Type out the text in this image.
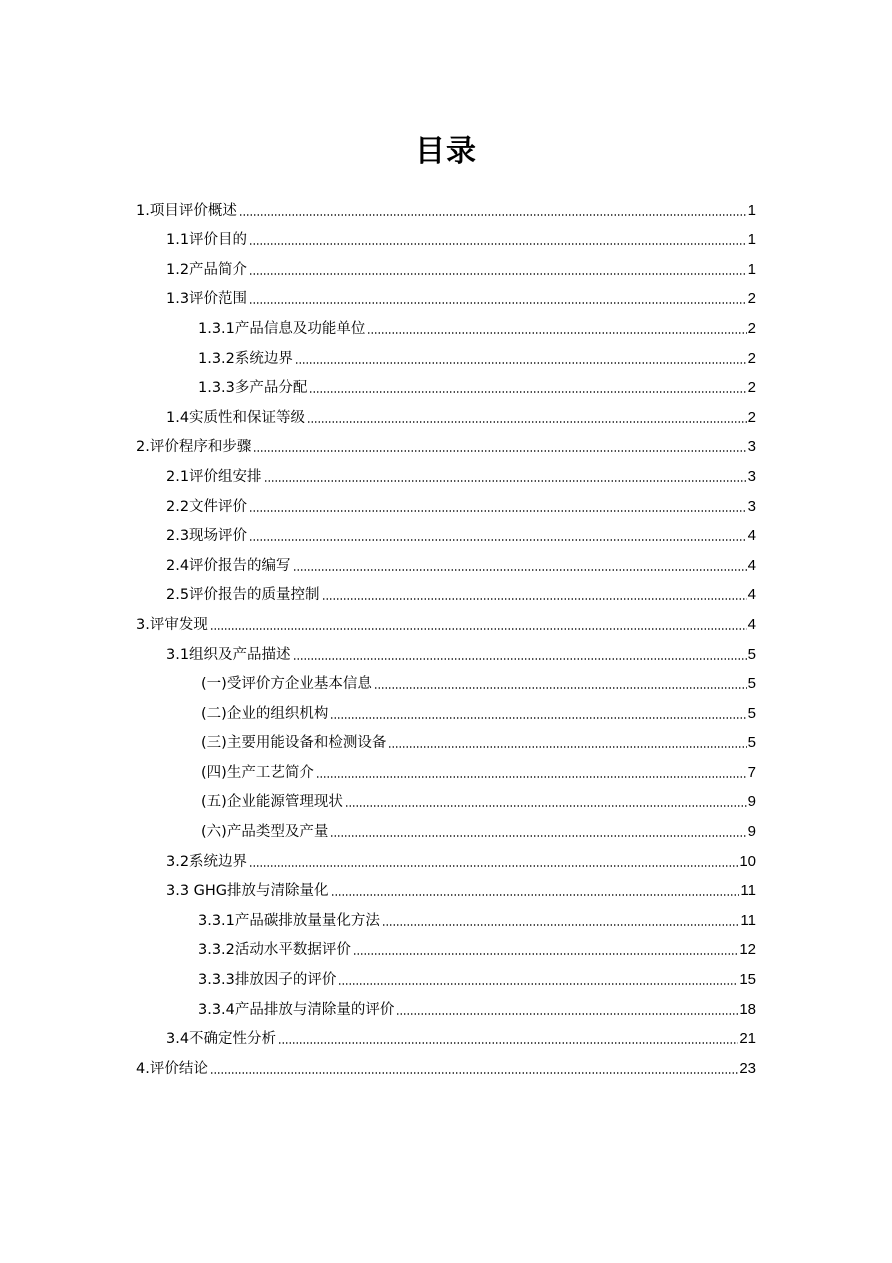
目录
1.项目评价概述	1
1.1评价目的	1
1.2产品简介	1
1.3评价范围	2
1.3.1产品信息及功能单位	2
1.3.2系统边界	2
1.3.3多产品分配	2
1.4实质性和保证等级	2
2.评价程序和步骤	3
2.1评价组安排	3
2.2文件评价	3
2.3现场评价	4
2.4评价报告的编写	4
2.5评价报告的质量控制	4
3.评审发现	4
3.1组织及产品描述	5
(一)受评价方企业基本信息	5
(二)企业的组织机构	5
(三)主要用能设备和检测设备	5
(四)生产工艺简介	7
(五)企业能源管理现状	9
(六)产品类型及产量	9
3.2系统边界	10
3.3 GHG排放与清除量化	11
3.3.1产品碳排放量量化方法	11
3.3.2活动水平数据评价	12
3.3.3排放因子的评价	15
3.3.4产品排放与清除量的评价	18
3.4不确定性分析	21
4.评价结论	23
